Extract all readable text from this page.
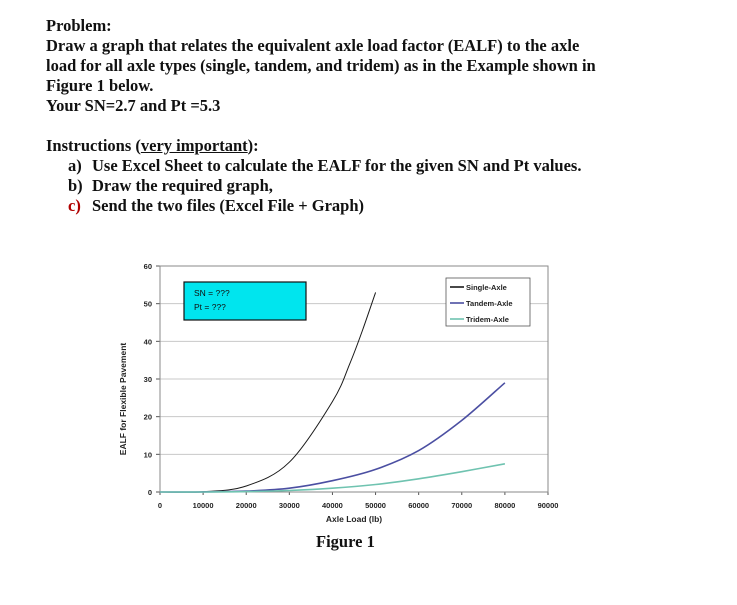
Problem:
Draw a graph that relates the equivalent axle load factor (EALF) to the axle
load for all axle types (single, tandem, and tridem) as in the Example shown in
Figure 1 below.
Your SN=2.7 and Pt =5.3
Instructions (very important):
a) Use Excel Sheet to calculate the EALF for the given SN and Pt values.
b) Draw the required graph,
c) Send the two files (Excel File + Graph)
0
10
20
30
40
50
60
0	10000	20000	30000	40000	50000	60000	70000	80000	90000
Axle Load (lb)
EALF for Flexible Pavement
SN = ???
Pt = ???
Single-Axle
Tandem-Axle
Tridem-Axle
Figure 1
